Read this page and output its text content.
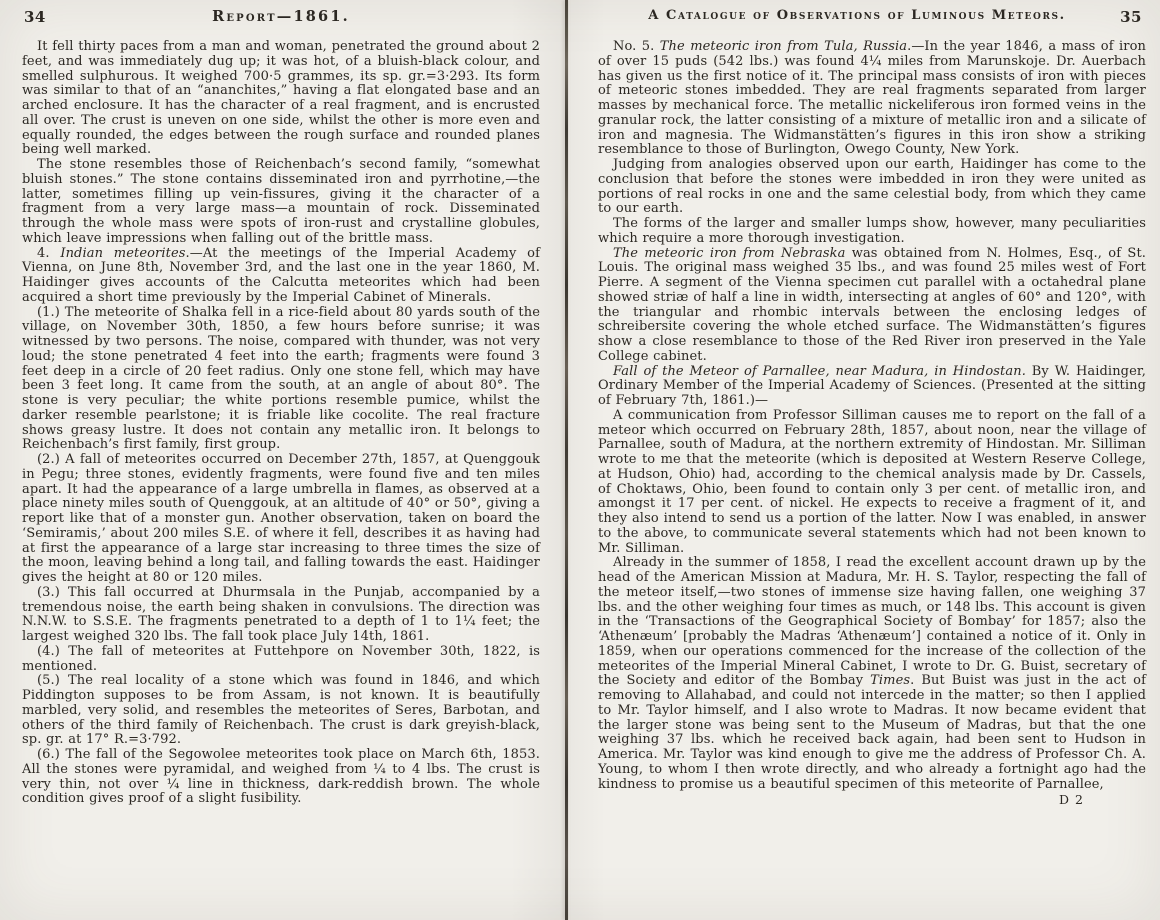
34	Report—1861.

It fell thirty paces from a man and woman, penetrated the ground about 2 feet, and was immediately dug up; it was hot, of a bluish-black colour, and smelled sulphurous. It weighed 700·5 grammes, its sp. gr.=3·293. Its form was similar to that of an “ananchites,” having a flat elongated base and an arched enclosure. It has the character of a real fragment, and is encrusted all over. The crust is uneven on one side, whilst the other is more even and equally rounded, the edges between the rough surface and rounded planes being well marked.

The stone resembles those of Reichenbach’s second family, “somewhat bluish stones.” The stone contains disseminated iron and pyrrhotine,—the latter, sometimes filling up vein-fissures, giving it the character of a fragment from a very large mass—a mountain of rock. Disseminated through the whole mass were spots of iron-rust and crystalline globules, which leave impressions when falling out of the brittle mass.

4. Indian meteorites.—At the meetings of the Imperial Academy of Vienna, on June 8th, November 3rd, and the last one in the year 1860, M. Haidinger gives accounts of the Calcutta meteorites which had been acquired a short time previously by the Imperial Cabinet of Minerals.

(1.) The meteorite of Shalka fell in a rice-field about 80 yards south of the village, on November 30th, 1850, a few hours before sunrise; it was witnessed by two persons. The noise, compared with thunder, was not very loud; the stone penetrated 4 feet into the earth; fragments were found 3 feet deep in a circle of 20 feet radius. Only one stone fell, which may have been 3 feet long. It came from the south, at an angle of about 80°. The stone is very peculiar; the white portions resemble pumice, whilst the darker resemble pearlstone; it is friable like cocolite. The real fracture shows greasy lustre. It does not contain any metallic iron. It belongs to Reichenbach’s first family, first group.

(2.) A fall of meteorites occurred on December 27th, 1857, at Quenggouk in Pegu; three stones, evidently fragments, were found five and ten miles apart. It had the appearance of a large umbrella in flames, as observed at a place ninety miles south of Quenggouk, at an altitude of 40° or 50°, giving a report like that of a monster gun. Another observation, taken on board the ‘Semiramis,’ about 200 miles S.E. of where it fell, describes it as having had at first the appearance of a large star increasing to three times the size of the moon, leaving behind a long tail, and falling towards the east. Haidinger gives the height at 80 or 120 miles.

(3.) This fall occurred at Dhurmsala in the Punjab, accompanied by a tremendous noise, the earth being shaken in convulsions. The direction was N.N.W. to S.S.E. The fragments penetrated to a depth of 1 to 1¼ feet; the largest weighed 320 lbs. The fall took place July 14th, 1861.

(4.) The fall of meteorites at Futtehpore on November 30th, 1822, is mentioned.

(5.) The real locality of a stone which was found in 1846, and which Piddington supposes to be from Assam, is not known. It is beautifully marbled, very solid, and resembles the meteorites of Seres, Barbotan, and others of the third family of Reichenbach. The crust is dark greyish-black, sp. gr. at 17° R.=3·792.

(6.) The fall of the Segowolee meteorites took place on March 6th, 1853. All the stones were pyramidal, and weighed from ¼ to 4 lbs. The crust is very thin, not over ¼ line in thickness, dark-reddish brown. The whole condition gives proof of a slight fusibility.

A Catalogue of Observations of Luminous Meteors.	35

No. 5. The meteoric iron from Tula, Russia.—In the year 1846, a mass of iron of over 15 puds (542 lbs.) was found 4¼ miles from Marunskoje. Dr. Auerbach has given us the first notice of it. The principal mass consists of iron with pieces of meteoric stones imbedded. They are real fragments separated from larger masses by mechanical force. The metallic nickeliferous iron formed veins in the granular rock, the latter consisting of a mixture of metallic iron and a silicate of iron and magnesia. The Widmanstätten’s figures in this iron show a striking resemblance to those of Burlington, Owego County, New York.

Judging from analogies observed upon our earth, Haidinger has come to the conclusion that before the stones were imbedded in iron they were united as portions of real rocks in one and the same celestial body, from which they came to our earth.

The forms of the larger and smaller lumps show, however, many peculiarities which require a more thorough investigation.

The meteoric iron from Nebraska was obtained from N. Holmes, Esq., of St. Louis. The original mass weighed 35 lbs., and was found 25 miles west of Fort Pierre. A segment of the Vienna specimen cut parallel with a octahedral plane showed striæ of half a line in width, intersecting at angles of 60° and 120°, with the triangular and rhombic intervals between the enclosing ledges of schreibersite covering the whole etched surface. The Widmanstätten’s figures show a close resemblance to those of the Red River iron preserved in the Yale College cabinet.

Fall of the Meteor of Parnallee, near Madura, in Hindostan. By W. Haidinger, Ordinary Member of the Imperial Academy of Sciences. (Presented at the sitting of February 7th, 1861.)—

A communication from Professor Silliman causes me to report on the fall of a meteor which occurred on February 28th, 1857, about noon, near the village of Parnallee, south of Madura, at the northern extremity of Hindostan. Mr. Silliman wrote to me that the meteorite (which is deposited at Western Reserve College, at Hudson, Ohio) had, according to the chemical analysis made by Dr. Cassels, of Choktaws, Ohio, been found to contain only 3 per cent. of metallic iron, and amongst it 17 per cent. of nickel. He expects to receive a fragment of it, and they also intend to send us a portion of the latter. Now I was enabled, in answer to the above, to communicate several statements which had not been known to Mr. Silliman.

Already in the summer of 1858, I read the excellent account drawn up by the head of the American Mission at Madura, Mr. H. S. Taylor, respecting the fall of the meteor itself,—two stones of immense size having fallen, one weighing 37 lbs. and the other weighing four times as much, or 148 lbs. This account is given in the ‘Transactions of the Geographical Society of Bombay’ for 1857; also the ‘Athenæum’ [probably the Madras ‘Athenæum’] contained a notice of it. Only in 1859, when our operations commenced for the increase of the collection of the meteorites of the Imperial Mineral Cabinet, I wrote to Dr. G. Buist, secretary of the Society and editor of the Bombay Times. But Buist was just in the act of removing to Allahabad, and could not intercede in the matter; so then I applied to Mr. Taylor himself, and I also wrote to Madras. It now became evident that the larger stone was being sent to the Museum of Madras, but that the one weighing 37 lbs. which he received back again, had been sent to Hudson in America. Mr. Taylor was kind enough to give me the address of Professor Ch. A. Young, to whom I then wrote directly, and who already a fortnight ago had the kindness to promise us a beautiful specimen of this meteorite of Parnallee,

D 2
